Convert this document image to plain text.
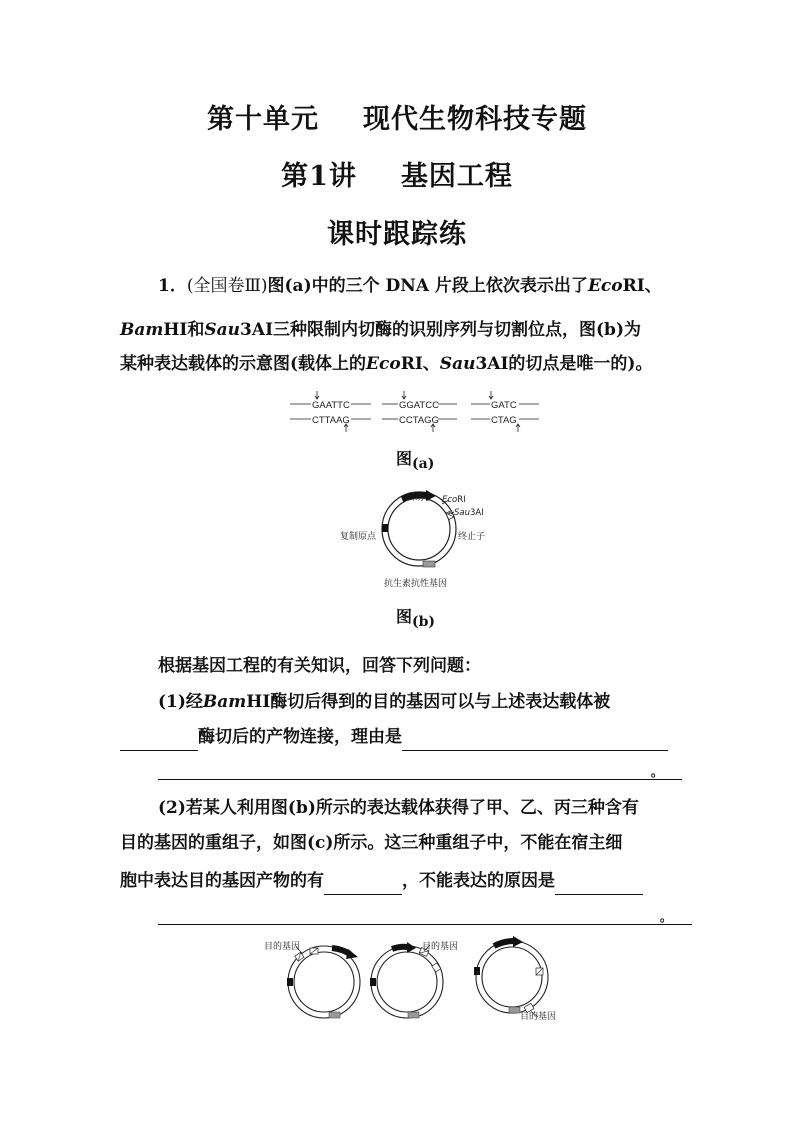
第十单元 现代生物科技专题
第1讲 基因工程
课时跟踪练
1．(全国卷Ⅲ)图(a)中的三个 DNA 片段上依次表示出了EcoRⅠ、
BamHⅠ和Sau3AⅠ三种限制内切酶的识别序列与切割位点，图(b)为
某种表达载体的示意图(载体上的EcoRⅠ、Sau3AⅠ的切点是唯一的)。
GAATTC
CTTAAG
GGATCC
CCTAGG
GATC
CTAG
图$_{(a)}$
启动子 EcoRⅠ
Sau3AⅠ
复制原点	终止子
抗生素抗性基因
图$_{(b)}$
根据基因工程的有关知识，回答下列问题：
(1)经BamHⅠ酶切后得到的目的基因可以与上述表达载体被
酶切后的产物连接，理由是
。
(2)若某人利用图(b)所示的表达载体获得了甲、乙、丙三种含有
目的基因的重组子，如图(c)所示。这三种重组子中，不能在宿主细
胞中表达目的基因产物的有	，不能表达的原因是
。
目的基因	目的基因
目的基因
